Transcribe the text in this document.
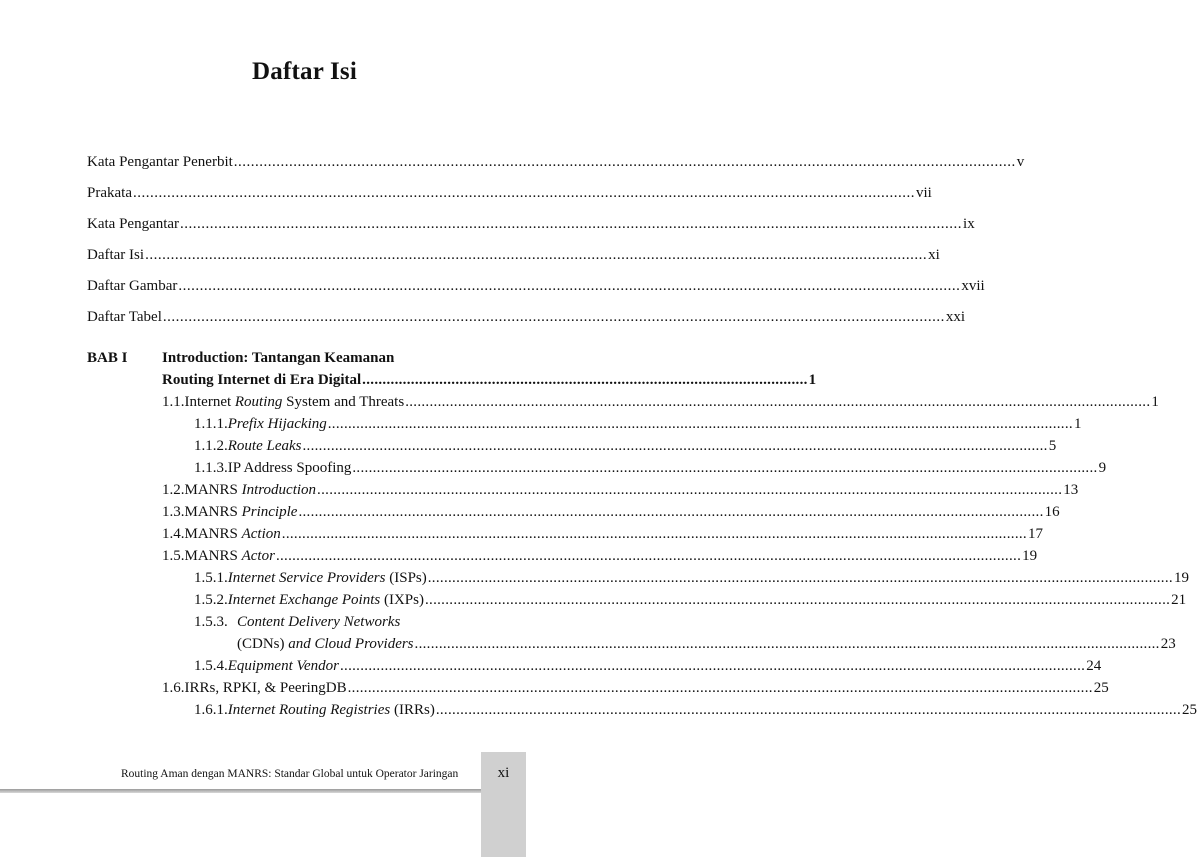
Daftar Isi
Kata Pengantar Penerbit .....	v
Prakata .....	vii
Kata Pengantar .....	ix
Daftar Isi .....	xi
Daftar Gambar .....	xvii
Daftar Tabel .....	xxi
BAB I Introduction: Tantangan Keamanan
Routing Internet di Era Digital .............................................................................................................. 1
1.1. Internet Routing System and Threats .....	1
1.1.1. Prefix Hijacking .....	1
1.1.2. Route Leaks .....	5
1.1.3. IP Address Spoofing .....	9
1.2. MANRS Introduction .....	13
1.3. MANRS Principle .....	16
1.4. MANRS Action .....	17
1.5. MANRS Actor .....	19
1.5.1. Internet Service Providers (ISPs) .....	19
1.5.2. Internet Exchange Points (IXPs) .....	21
1.5.3. Content Delivery Networks
(CDNs) and Cloud Providers .....	23
1.5.4. Equipment Vendor .....	24
1.6. IRRs, RPKI, & PeeringDB .....	25
1.6.1. Internet Routing Registries (IRRs) .....	25
Routing Aman dengan MANRS: Standar Global untuk Operator Jaringan	xi
